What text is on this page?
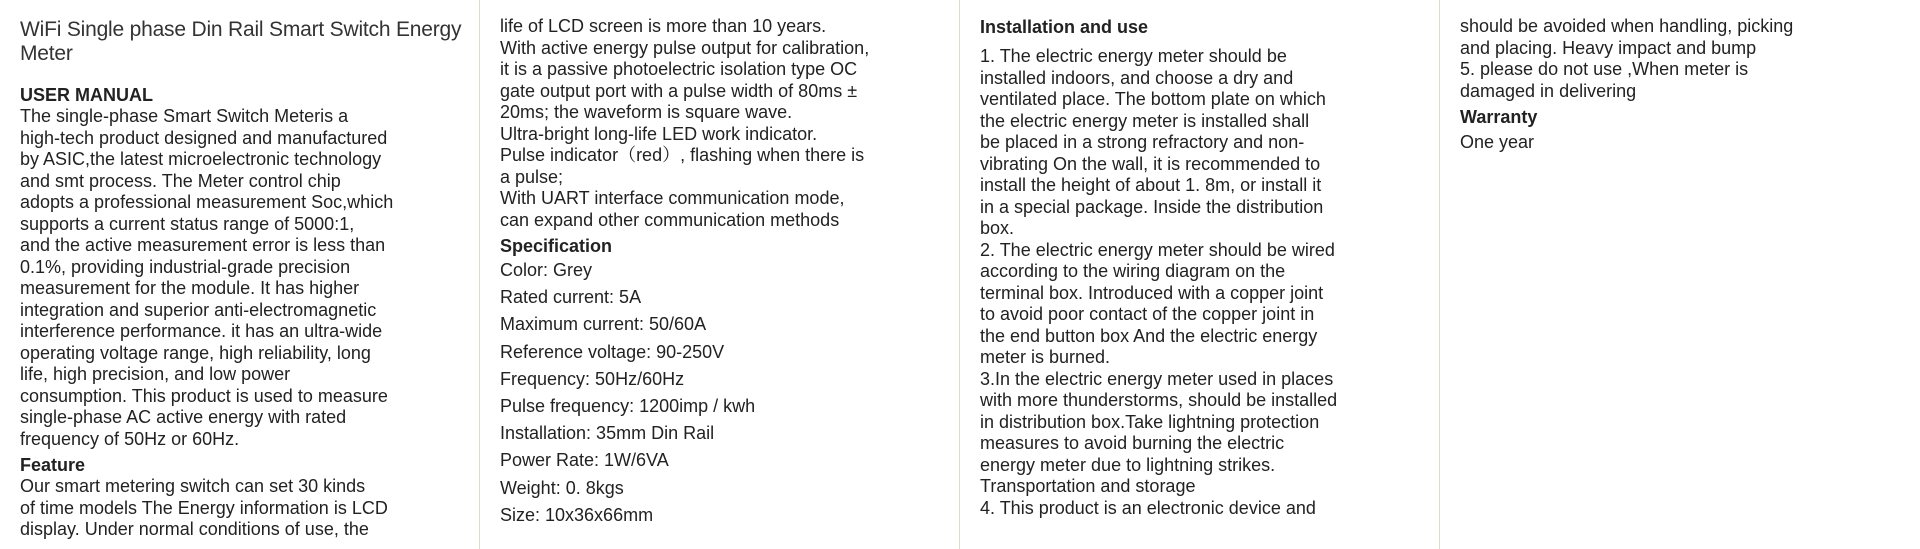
WiFi Single phase Din Rail Smart Switch Energy Meter
USER MANUAL
The single-phase Smart Switch Meteris a
high-tech product designed and manufactured
by ASIC,the latest microelectronic technology
and smt process. The Meter control chip
adopts a professional measurement Soc,which
supports a current status range of 5000:1,
and the active measurement error is less than
0.1%, providing industrial-grade precision
measurement for the module. It has higher
integration and superior anti-electromagnetic
interference performance. it has an ultra-wide
operating voltage range, high reliability, long
life, high precision, and low power
consumption. This product is used to measure
single-phase AC active energy with rated
frequency of 50Hz or 60Hz.
Feature
Our smart metering switch can set 30 kinds
of time models The Energy information is LCD
display. Under normal conditions of use, the
life of LCD screen is more than 10 years.
With active energy pulse output for calibration,
it is a passive photoelectric isolation type OC
gate output port with a pulse width of 80ms ±
20ms; the waveform is square wave.
Ultra-bright long-life LED work indicator.
Pulse indicator（red）, flashing when there is
a pulse;
With UART interface communication mode,
can expand other communication methods
Specification
Color: Grey
Rated current: 5A
Maximum current: 50/60A
Reference voltage: 90-250V
Frequency: 50Hz/60Hz
Pulse frequency: 1200imp / kwh
Installation: 35mm Din Rail
Power Rate: 1W/6VA
Weight: 0. 8kgs
Size: 10x36x66mm
Installation and use
1. The electric energy meter should be
installed indoors, and choose a dry and
ventilated place. The bottom plate on which
the electric energy meter is installed shall
be placed in a strong refractory and non-
vibrating On the wall, it is recommended to
install the height of about 1. 8m, or install it
in a special package. Inside the distribution
box.
2. The electric energy meter should be wired
according to the wiring diagram on the
terminal box. Introduced with a copper joint
to avoid poor contact of the copper joint in
the end button box And the electric energy
meter is burned.
3.In the electric energy meter used in places
with more thunderstorms, should be installed
in distribution box.Take lightning protection
measures to avoid burning the electric
energy meter due to lightning strikes.
Transportation and storage
4. This product is an electronic device and
should be avoided when handling, picking
and placing. Heavy impact and bump
5. please do not use ,When meter is
damaged in delivering
Warranty
One year
